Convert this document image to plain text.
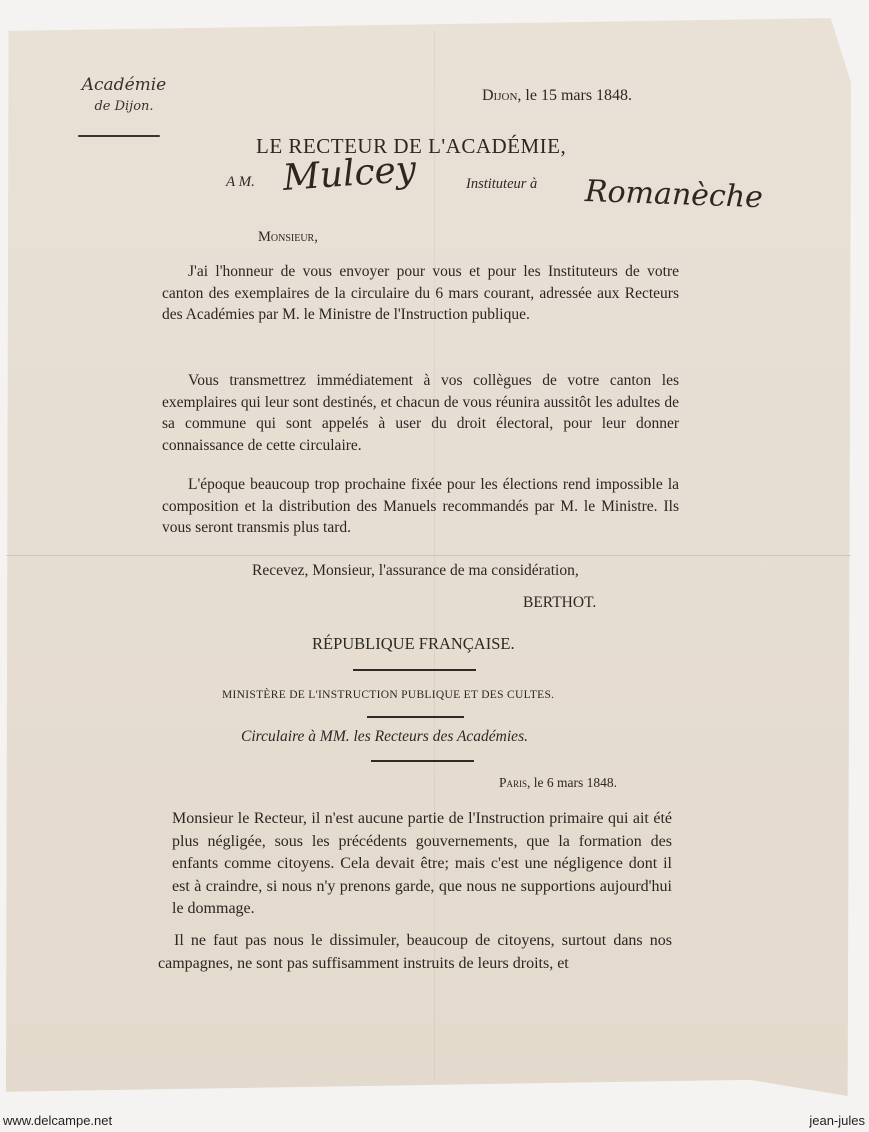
Académie
de Dijon.
Dijon, le 15 mars 1848.
LE RECTEUR DE L'ACADÉMIE,
A M. Mulcey	Instituteur à Romanèche
Monsieur,
J'ai l'honneur de vous envoyer pour vous et pour les Instituteurs de votre canton des exemplaires de la circulaire du 6 mars courant, adressée aux Recteurs des Académies par M. le Ministre de l'Instruction publique.
Vous transmettrez immédiatement à vos collègues de votre canton les exemplaires qui leur sont destinés, et chacun de vous réunira aussitôt les adultes de sa commune qui sont appelés à user du droit électoral, pour leur donner connaissance de cette circulaire.
L'époque beaucoup trop prochaine fixée pour les élections rend impossible la composition et la distribution des Manuels recommandés par M. le Ministre. Ils vous seront transmis plus tard.
Recevez, Monsieur, l'assurance de ma considération,
BERTHOT.
RÉPUBLIQUE FRANÇAISE.
MINISTÈRE DE L'INSTRUCTION PUBLIQUE ET DES CULTES.
Circulaire à MM. les Recteurs des Académies.
Paris, le 6 mars 1848.
Monsieur le Recteur, il n'est aucune partie de l'Instruction primaire qui ait été plus négligée, sous les précédents gouvernements, que la formation des enfants comme citoyens. Cela devait être; mais c'est une négligence dont il est à craindre, si nous n'y prenons garde, que nous ne supportions aujourd'hui le dommage.
Il ne faut pas nous le dissimuler, beaucoup de citoyens, surtout dans nos campagnes, ne sont pas suffisamment instruits de leurs droits, et
www.delcampe.net	jean-jules
